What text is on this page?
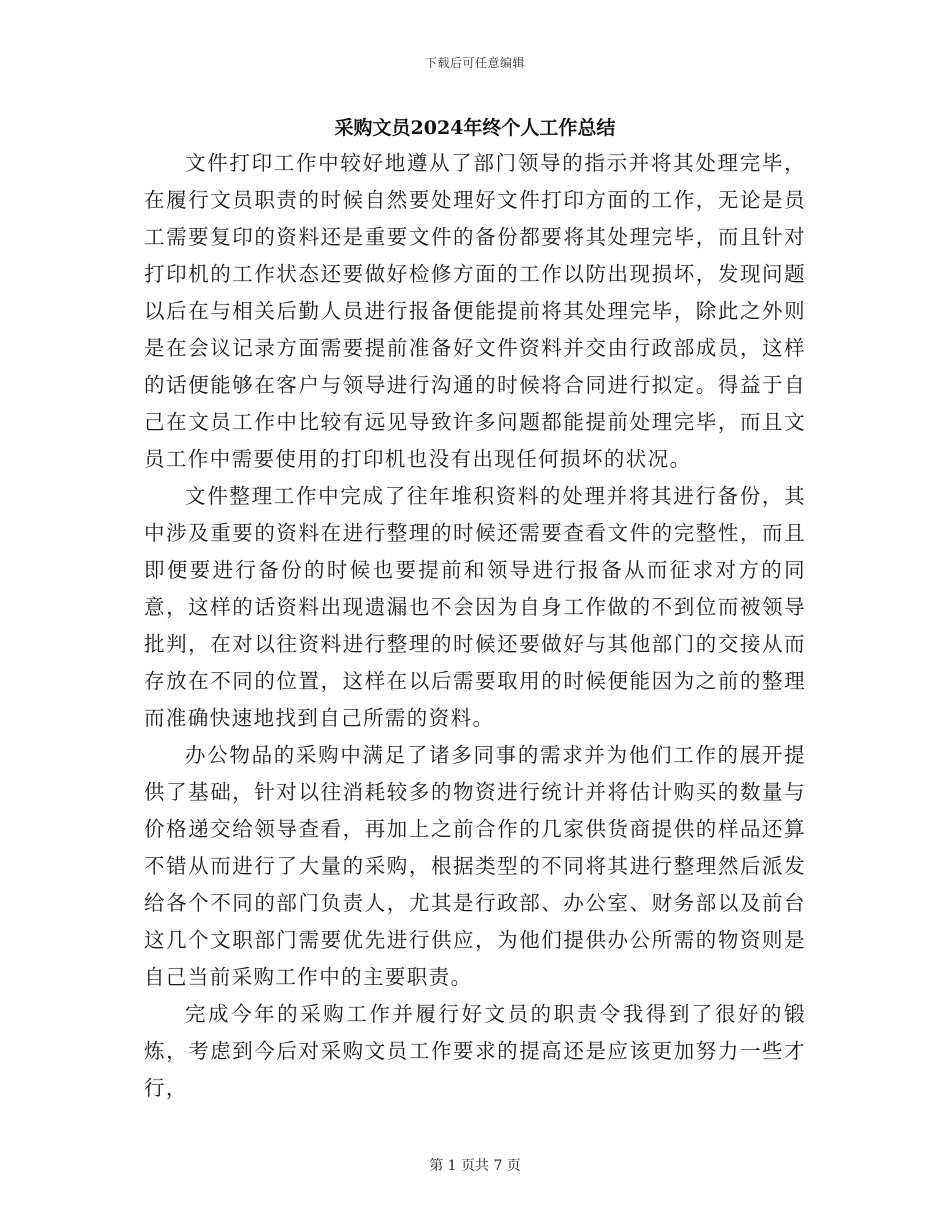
下载后可任意编辑
采购文员2024年终个人工作总结

文件打印工作中较好地遵从了部门领导的指示并将其处理完毕，在履行文员职责的时候自然要处理好文件打印方面的工作，无论是员工需要复印的资料还是重要文件的备份都要将其处理完毕，而且针对打印机的工作状态还要做好检修方面的工作以防出现损坏，发现问题以后在与相关后勤人员进行报备便能提前将其处理完毕，除此之外则是在会议记录方面需要提前准备好文件资料并交由行政部成员，这样的话便能够在客户与领导进行沟通的时候将合同进行拟定。得益于自己在文员工作中比较有远见导致许多问题都能提前处理完毕，而且文员工作中需要使用的打印机也没有出现任何损坏的状况。

文件整理工作中完成了往年堆积资料的处理并将其进行备份，其中涉及重要的资料在进行整理的时候还需要查看文件的完整性，而且即便要进行备份的时候也要提前和领导进行报备从而征求对方的同意，这样的话资料出现遗漏也不会因为自身工作做的不到位而被领导批判，在对以往资料进行整理的时候还要做好与其他部门的交接从而存放在不同的位置，这样在以后需要取用的时候便能因为之前的整理而准确快速地找到自己所需的资料。

办公物品的采购中满足了诸多同事的需求并为他们工作的展开提供了基础，针对以往消耗较多的物资进行统计并将估计购买的数量与价格递交给领导查看，再加上之前合作的几家供货商提供的样品还算不错从而进行了大量的采购，根据类型的不同将其进行整理然后派发给各个不同的部门负责人，尤其是行政部、办公室、财务部以及前台这几个文职部门需要优先进行供应，为他们提供办公所需的物资则是自己当前采购工作中的主要职责。

完成今年的采购工作并履行好文员的职责令我得到了很好的锻炼，考虑到今后对采购文员工作要求的提高还是应该更加努力一些才行，

第 1 页共 7 页
